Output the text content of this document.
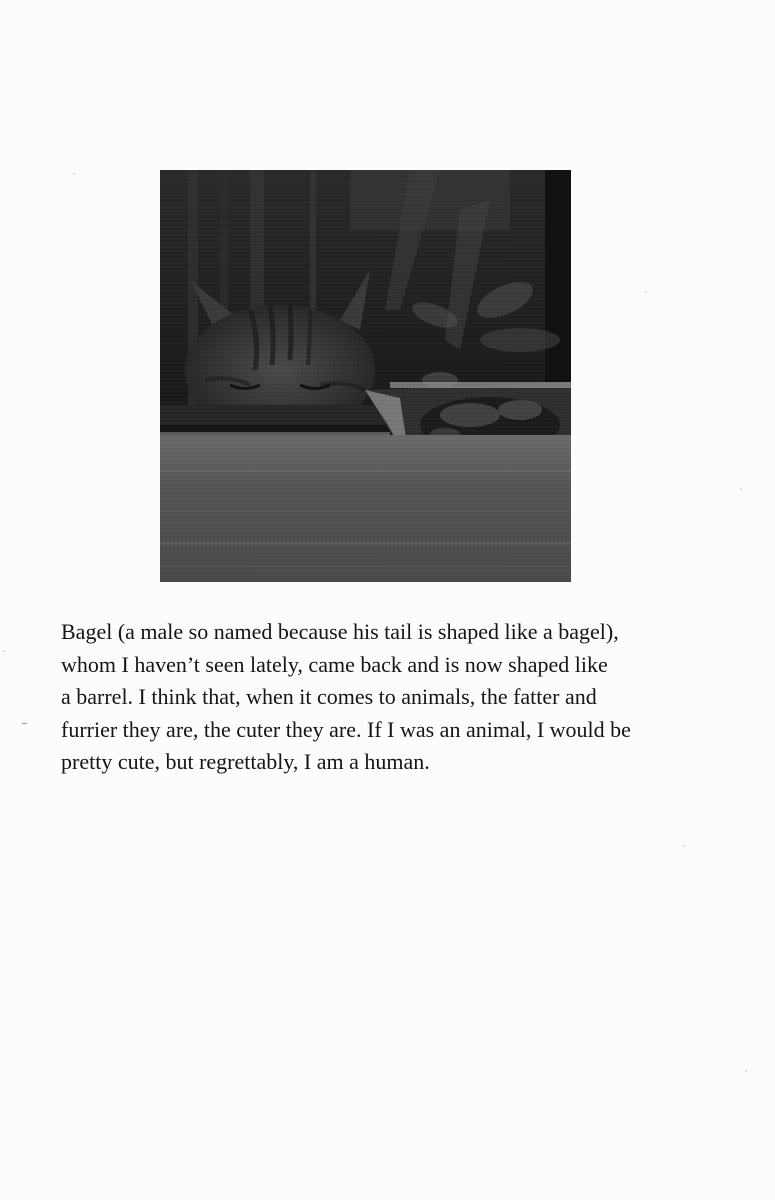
Bagel (a male so named because his tail is shaped like a bagel),
whom I haven’t seen lately, came back and is now shaped like
a barrel. I think that, when it comes to animals, the fatter and
furrier they are, the cuter they are. If I was an animal, I would be
pretty cute, but regrettably, I am a human.
